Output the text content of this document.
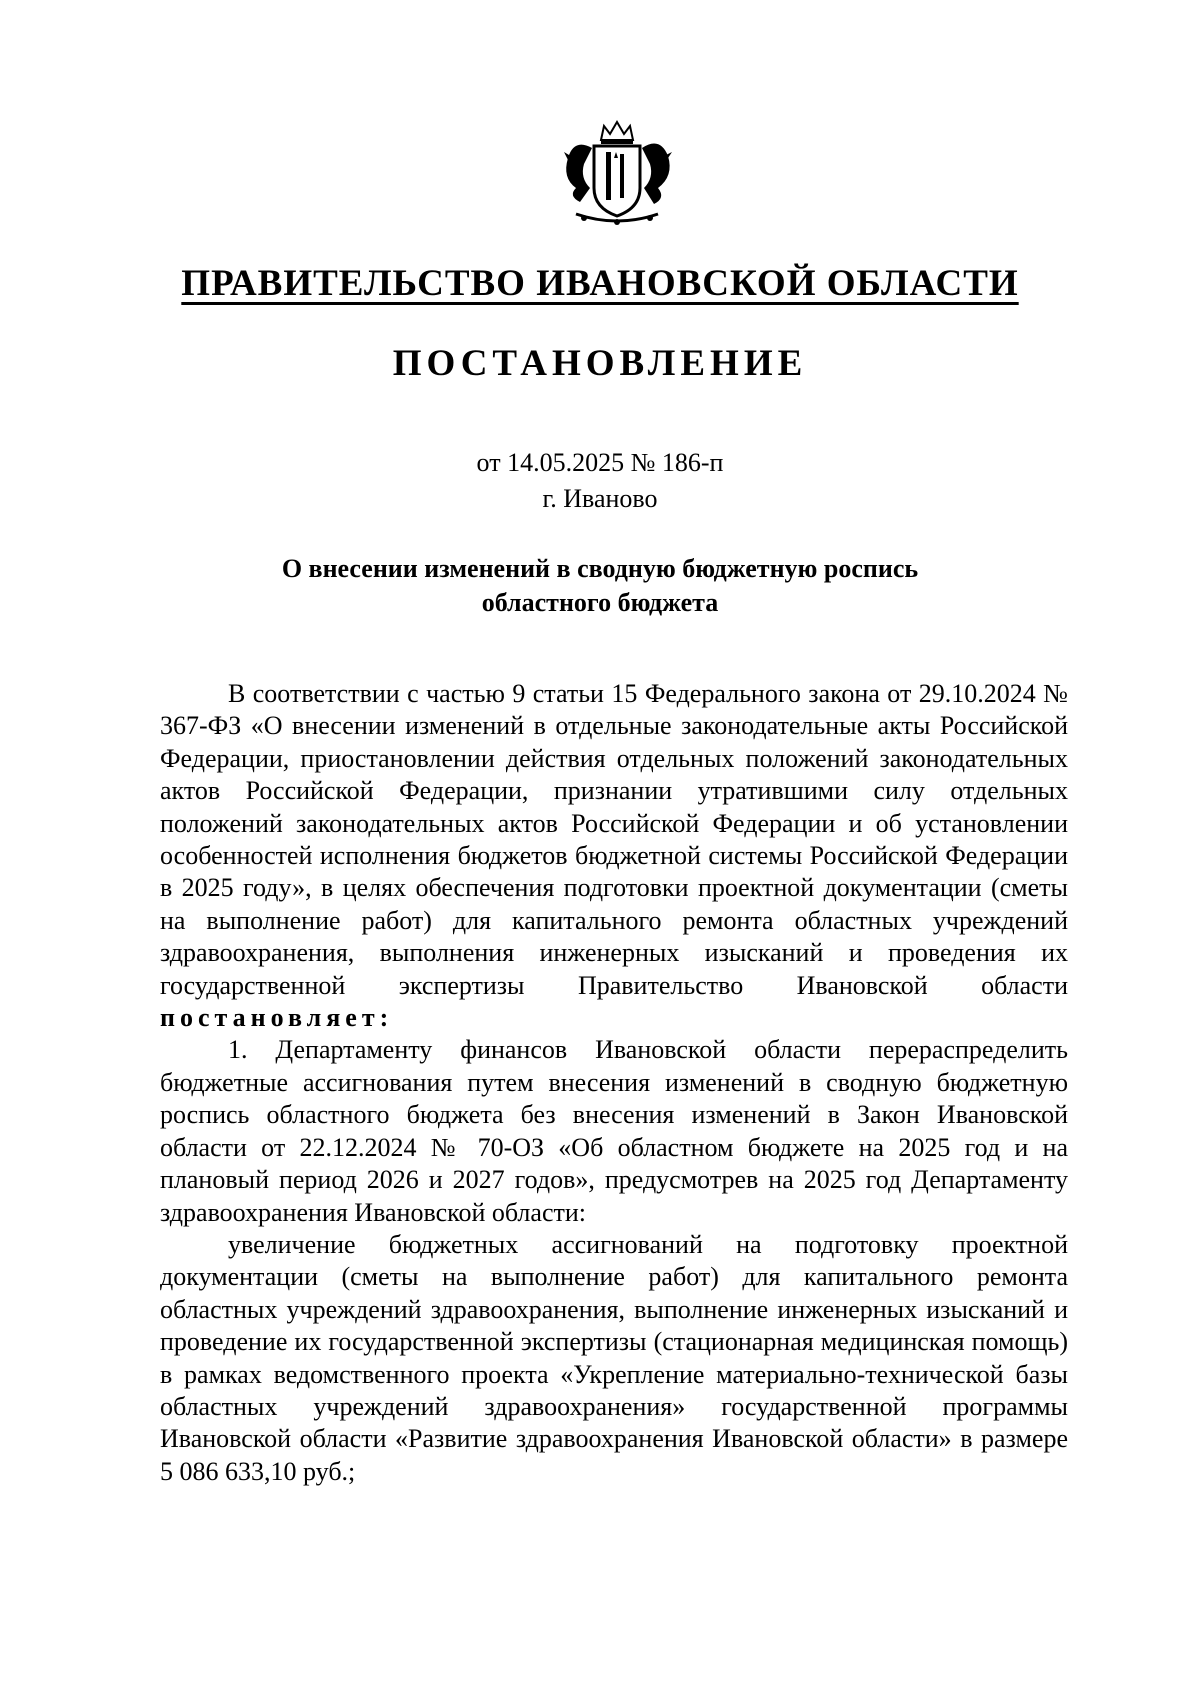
ПРАВИТЕЛЬСТВО ИВАНОВСКОЙ ОБЛАСТИ
ПОСТАНОВЛЕНИЕ
от 14.05.2025 № 186-п
г. Иваново
О внесении изменений в сводную бюджетную роспись
областного бюджета

В соответствии с частью 9 статьи 15 Федерального закона от 29.10.2024 № 367-ФЗ «О внесении изменений в отдельные законодательные акты Российской Федерации, приостановлении действия отдельных положений законодательных актов Российской Федерации, признании утратившими силу отдельных положений законодательных актов Российской Федерации и об установлении особенностей исполнения бюджетов бюджетной системы Российской Федерации в 2025 году», в целях обеспечения подготовки проектной документации (сметы на выполнение работ) для капитального ремонта областных учреждений здравоохранения, выполнения инженерных изысканий и проведения их государственной экспертизы Правительство Ивановской области постановляет:

1. Департаменту финансов Ивановской области перераспределить бюджетные ассигнования путем внесения изменений в сводную бюджетную роспись областного бюджета без внесения изменений в Закон Ивановской области от 22.12.2024 № 70-ОЗ «Об областном бюджете на 2025 год и на плановый период 2026 и 2027 годов», предусмотрев на 2025 год Департаменту здравоохранения Ивановской области:

увеличение бюджетных ассигнований на подготовку проектной документации (сметы на выполнение работ) для капитального ремонта областных учреждений здравоохранения, выполнение инженерных изысканий и проведение их государственной экспертизы (стационарная медицинская помощь) в рамках ведомственного проекта «Укрепление материально-технической базы областных учреждений здравоохранения» государственной программы Ивановской области «Развитие здравоохранения Ивановской области» в размере 5 086 633,10 руб.;
